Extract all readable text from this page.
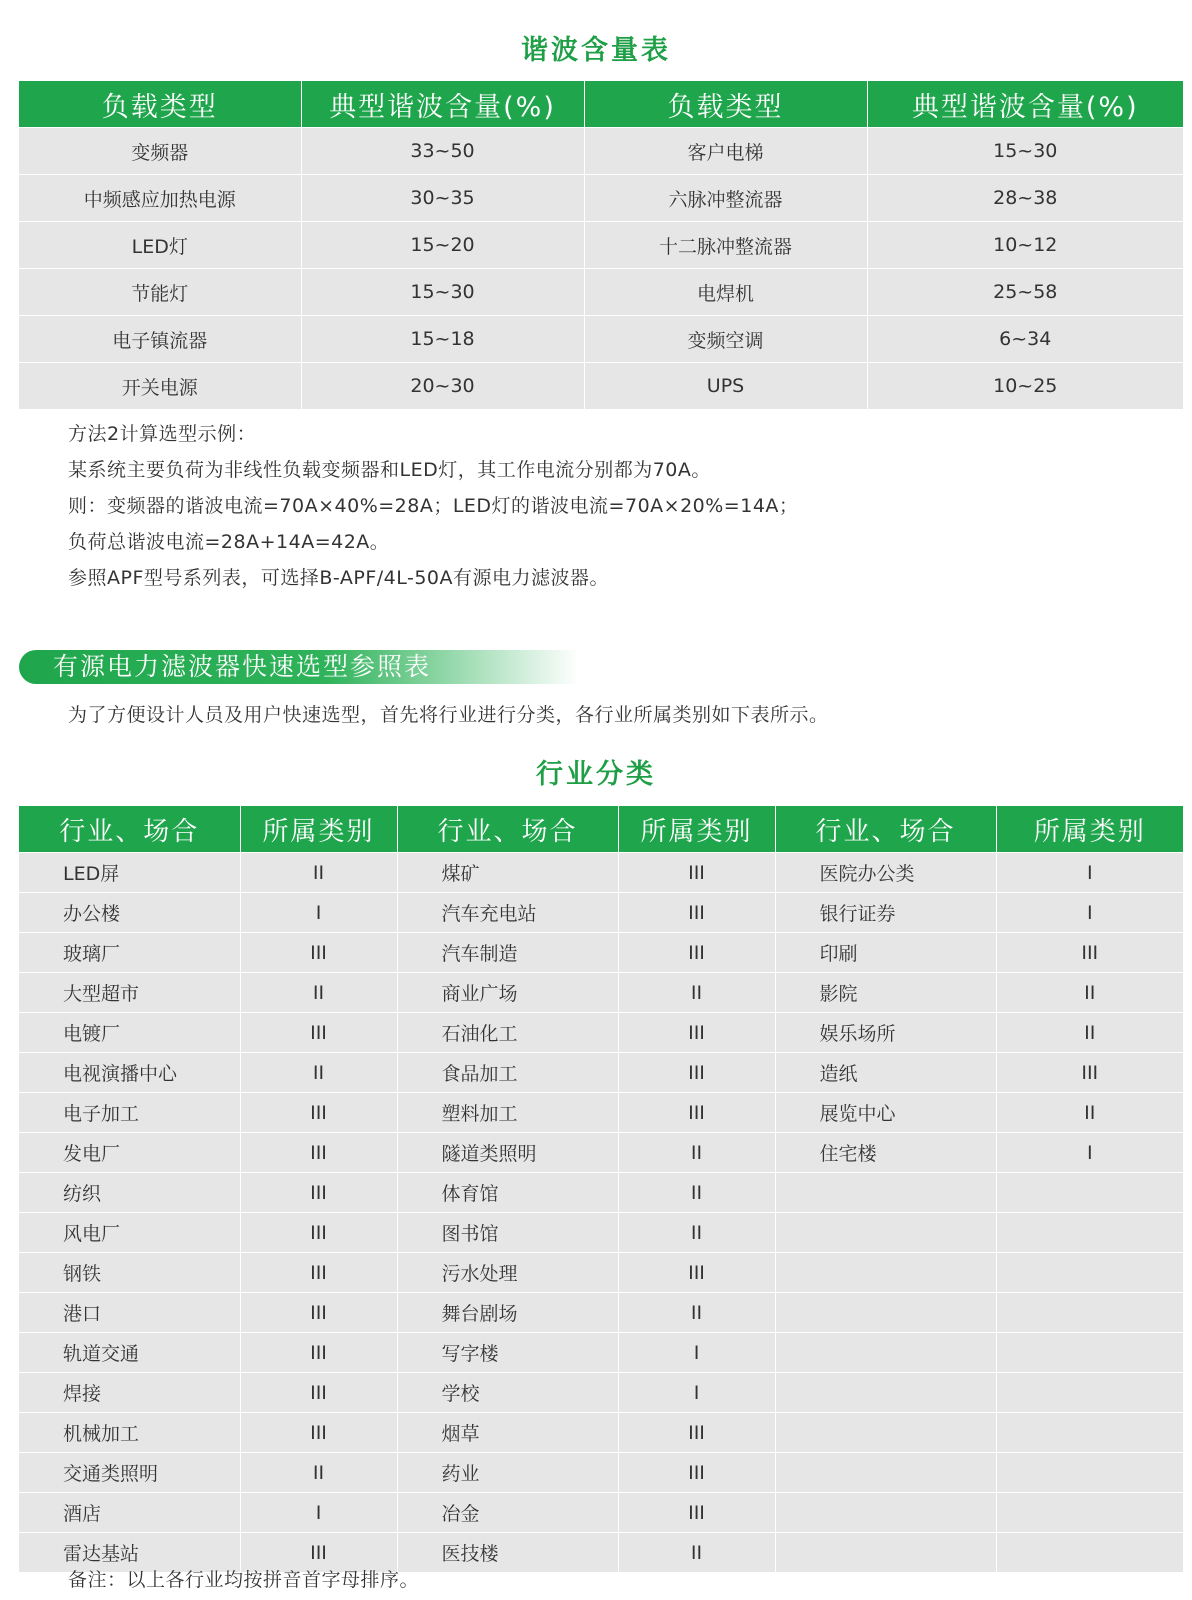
谐波含量表
负载类型	典型谐波含量(%)	负载类型	典型谐波含量(%)
变频器	33~50	客户电梯	15~30
中频感应加热电源	30~35	六脉冲整流器	28~38
LED灯	15~20	十二脉冲整流器	10~12
节能灯	15~30	电焊机	25~58
电子镇流器	15~18	变频空调	6~34
开关电源	20~30	UPS	10~25

方法2计算选型示例：

某系统主要负荷为非线性负载变频器和LED灯，其工作电流分别都为70A。

则：变频器的谐波电流=70A×40%=28A；LED灯的谐波电流=70A×20%=14A；

负荷总谐波电流=28A+14A=42A。

参照APF型号系列表，可选择B-APF/4L-50A有源电力滤波器。

有源电力滤波器快速选型参照表
为了方便设计人员及用户快速选型，首先将行业进行分类，各行业所属类别如下表所示。
行业分类
行业、场合	所属类别	行业、场合	所属类别	行业、场合	所属类别
LED屏	II	煤矿	III	医院办公类	I
办公楼	I	汽车充电站	III	银行证券	I
玻璃厂	III	汽车制造	III	印刷	III
大型超市	II	商业广场	II	影院	II
电镀厂	III	石油化工	III	娱乐场所	II
电视演播中心	II	食品加工	III	造纸	III
电子加工	III	塑料加工	III	展览中心	II
发电厂	III	隧道类照明	II	住宅楼	I
纺织	III	体育馆	II		
风电厂	III	图书馆	II		
钢铁	III	污水处理	III		
港口	III	舞台剧场	II		
轨道交通	III	写字楼	I		
焊接	III	学校	I		
机械加工	III	烟草	III		
交通类照明	II	药业	III		
酒店	I	冶金	III		
雷达基站	III	医技楼	II		
备注：以上各行业均按拼音首字母排序。
